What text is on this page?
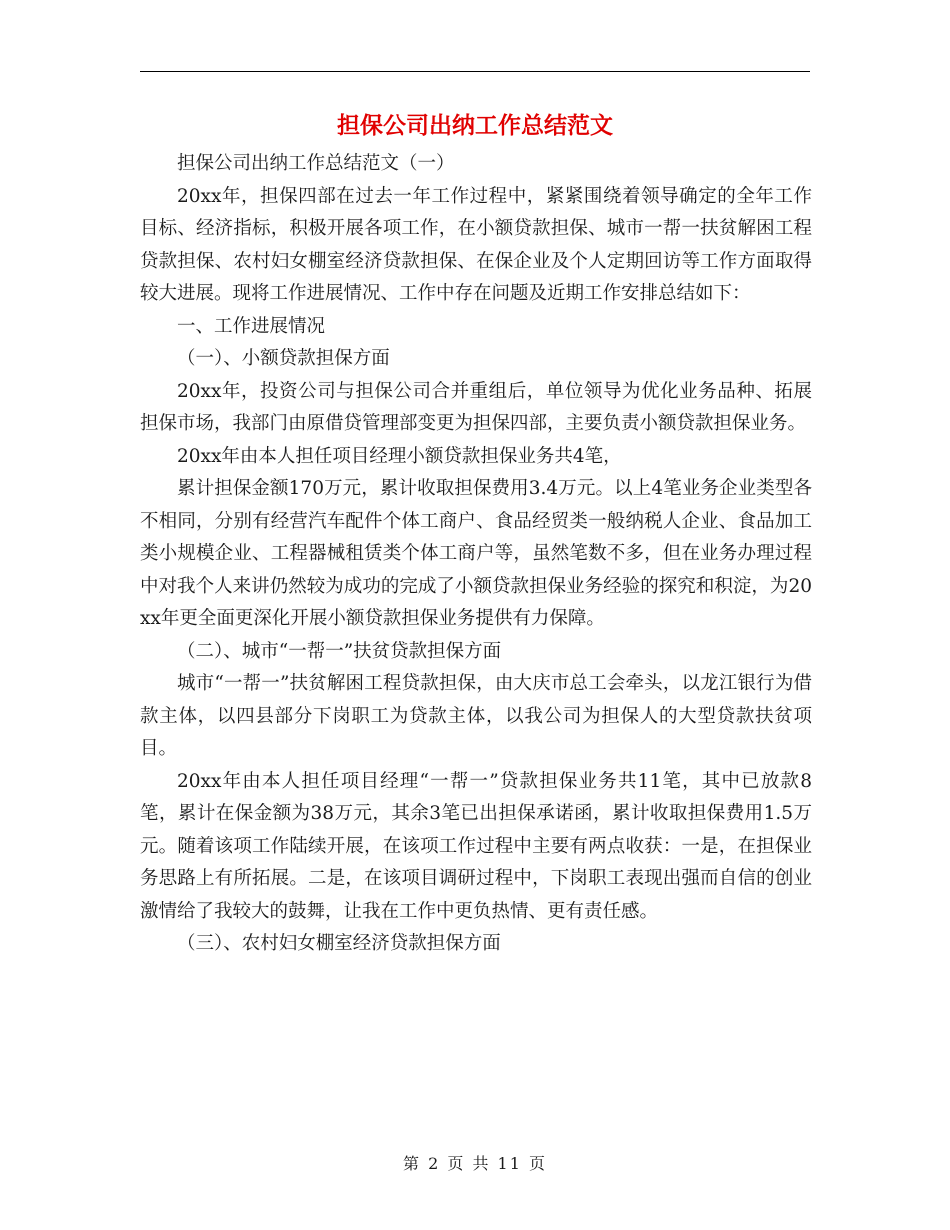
担保公司出纳工作总结范文

担保公司出纳工作总结范文（一）

20xx年，担保四部在过去一年工作过程中，紧紧围绕着领导确定的全年工作目标、经济指标，积极开展各项工作，在小额贷款担保、城市一帮一扶贫解困工程贷款担保、农村妇女棚室经济贷款担保、在保企业及个人定期回访等工作方面取得较大进展。现将工作进展情况、工作中存在问题及近期工作安排总结如下：

一、工作进展情况

（一）、小额贷款担保方面

20xx年，投资公司与担保公司合并重组后，单位领导为优化业务品种、拓展担保市场，我部门由原借贷管理部变更为担保四部，主要负责小额贷款担保业务。

20xx年由本人担任项目经理小额贷款担保业务共4笔，

累计担保金额170万元，累计收取担保费用3.4万元。以上4笔业务企业类型各不相同，分别有经营汽车配件个体工商户、食品经贸类一般纳税人企业、食品加工类小规模企业、工程器械租赁类个体工商户等，虽然笔数不多，但在业务办理过程中对我个人来讲仍然较为成功的完成了小额贷款担保业务经验的探究和积淀，为20xx年更全面更深化开展小额贷款担保业务提供有力保障。

（二）、城市“一帮一”扶贫贷款担保方面

城市“一帮一”扶贫解困工程贷款担保，由大庆市总工会牵头，以龙江银行为借款主体，以四县部分下岗职工为贷款主体，以我公司为担保人的大型贷款扶贫项目。

20xx年由本人担任项目经理“一帮一”贷款担保业务共11笔，其中已放款8笔，累计在保金额为38万元，其余3笔已出担保承诺函，累计收取担保费用1.5万元。随着该项工作陆续开展，在该项工作过程中主要有两点收获：一是，在担保业务思路上有所拓展。二是，在该项目调研过程中，下岗职工表现出强而自信的创业激情给了我较大的鼓舞，让我在工作中更负热情、更有责任感。

（三）、农村妇女棚室经济贷款担保方面

第 2 页 共 11 页
